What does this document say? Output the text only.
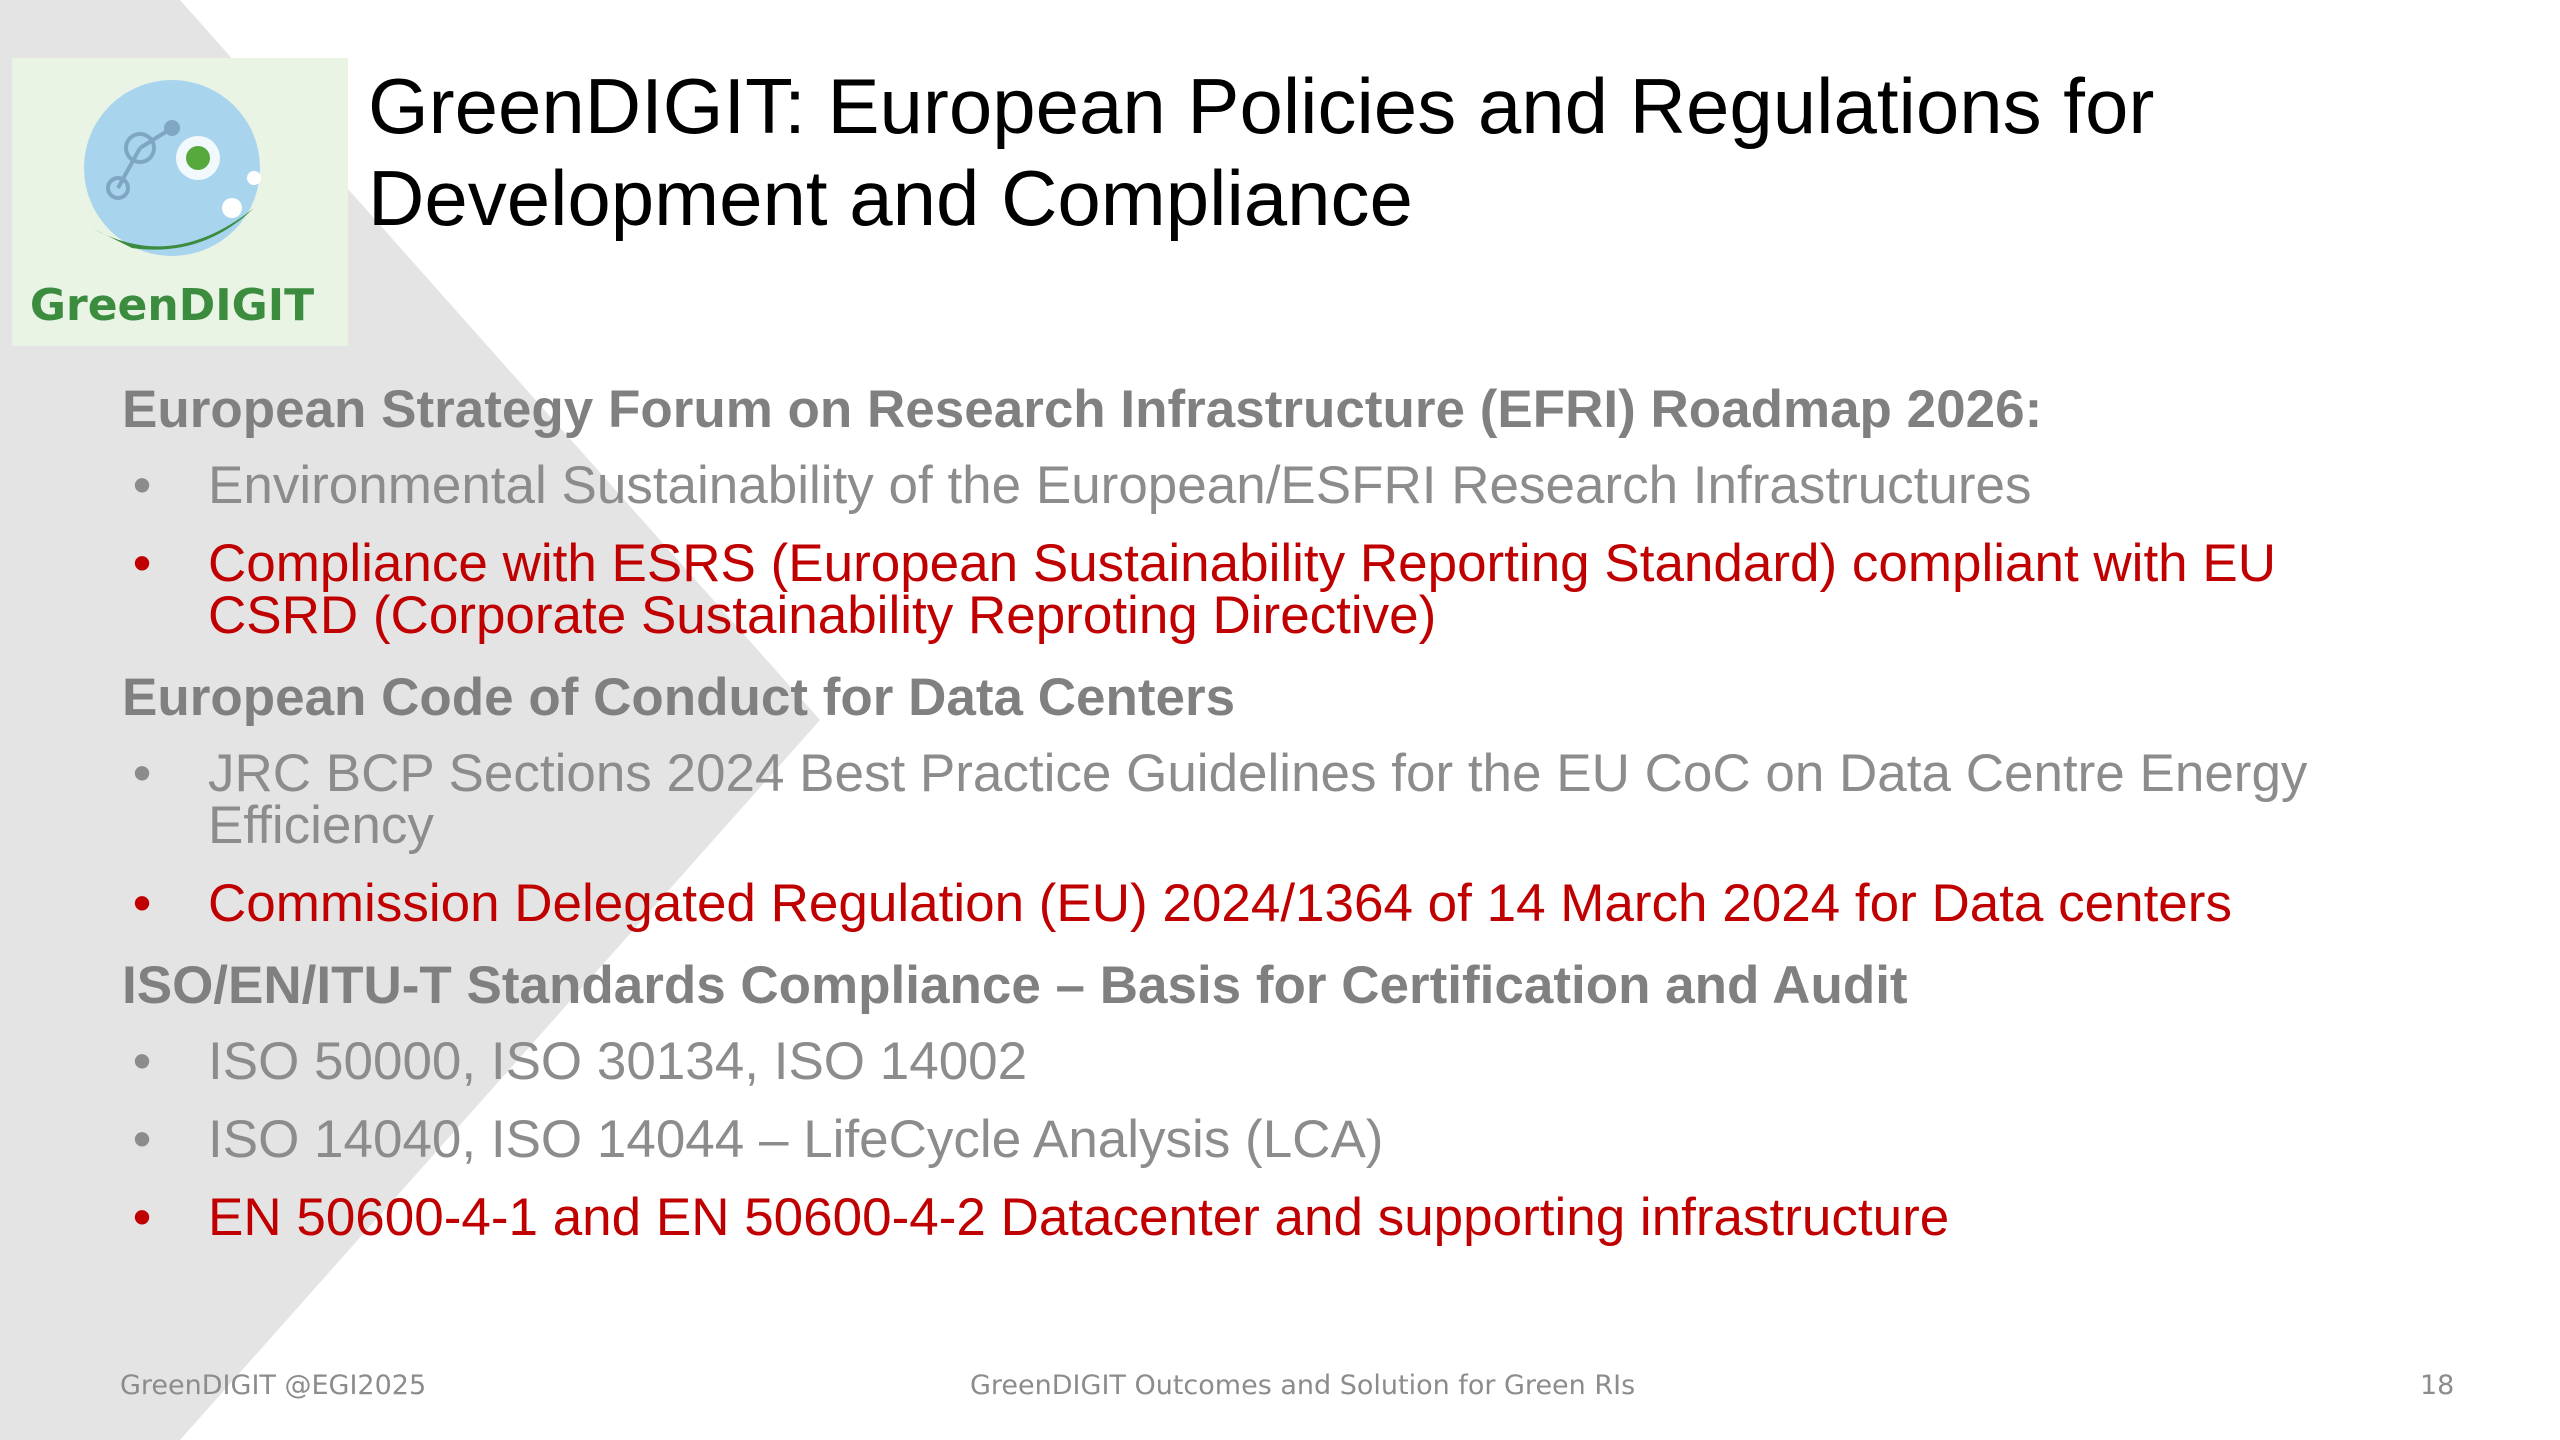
GreenDIGIT
GreenDIGIT: European Policies and Regulations for Development and Compliance
European Strategy Forum on Research Infrastructure (EFRI) Roadmap 2026:
• Environmental Sustainability of the European/ESFRI Research Infrastructures
• Compliance with ESRS (European Sustainability Reporting Standard) compliant with EU CSRD (Corporate Sustainability Reproting Directive)
European Code of Conduct for Data Centers
• JRC BCP Sections 2024 Best Practice Guidelines for the EU CoC on Data Centre Energy Efficiency
• Commission Delegated Regulation (EU) 2024/1364 of 14 March 2024 for Data centers
ISO/EN/ITU-T Standards Compliance – Basis for Certification and Audit
• ISO 50000, ISO 30134, ISO 14002
• ISO 14040, ISO 14044 – LifeCycle Analysis (LCA)
• EN 50600-4-1 and EN 50600-4-2 Datacenter and supporting infrastructure
GreenDIGIT @EGI2025	GreenDIGIT Outcomes and Solution for Green RIs	18
